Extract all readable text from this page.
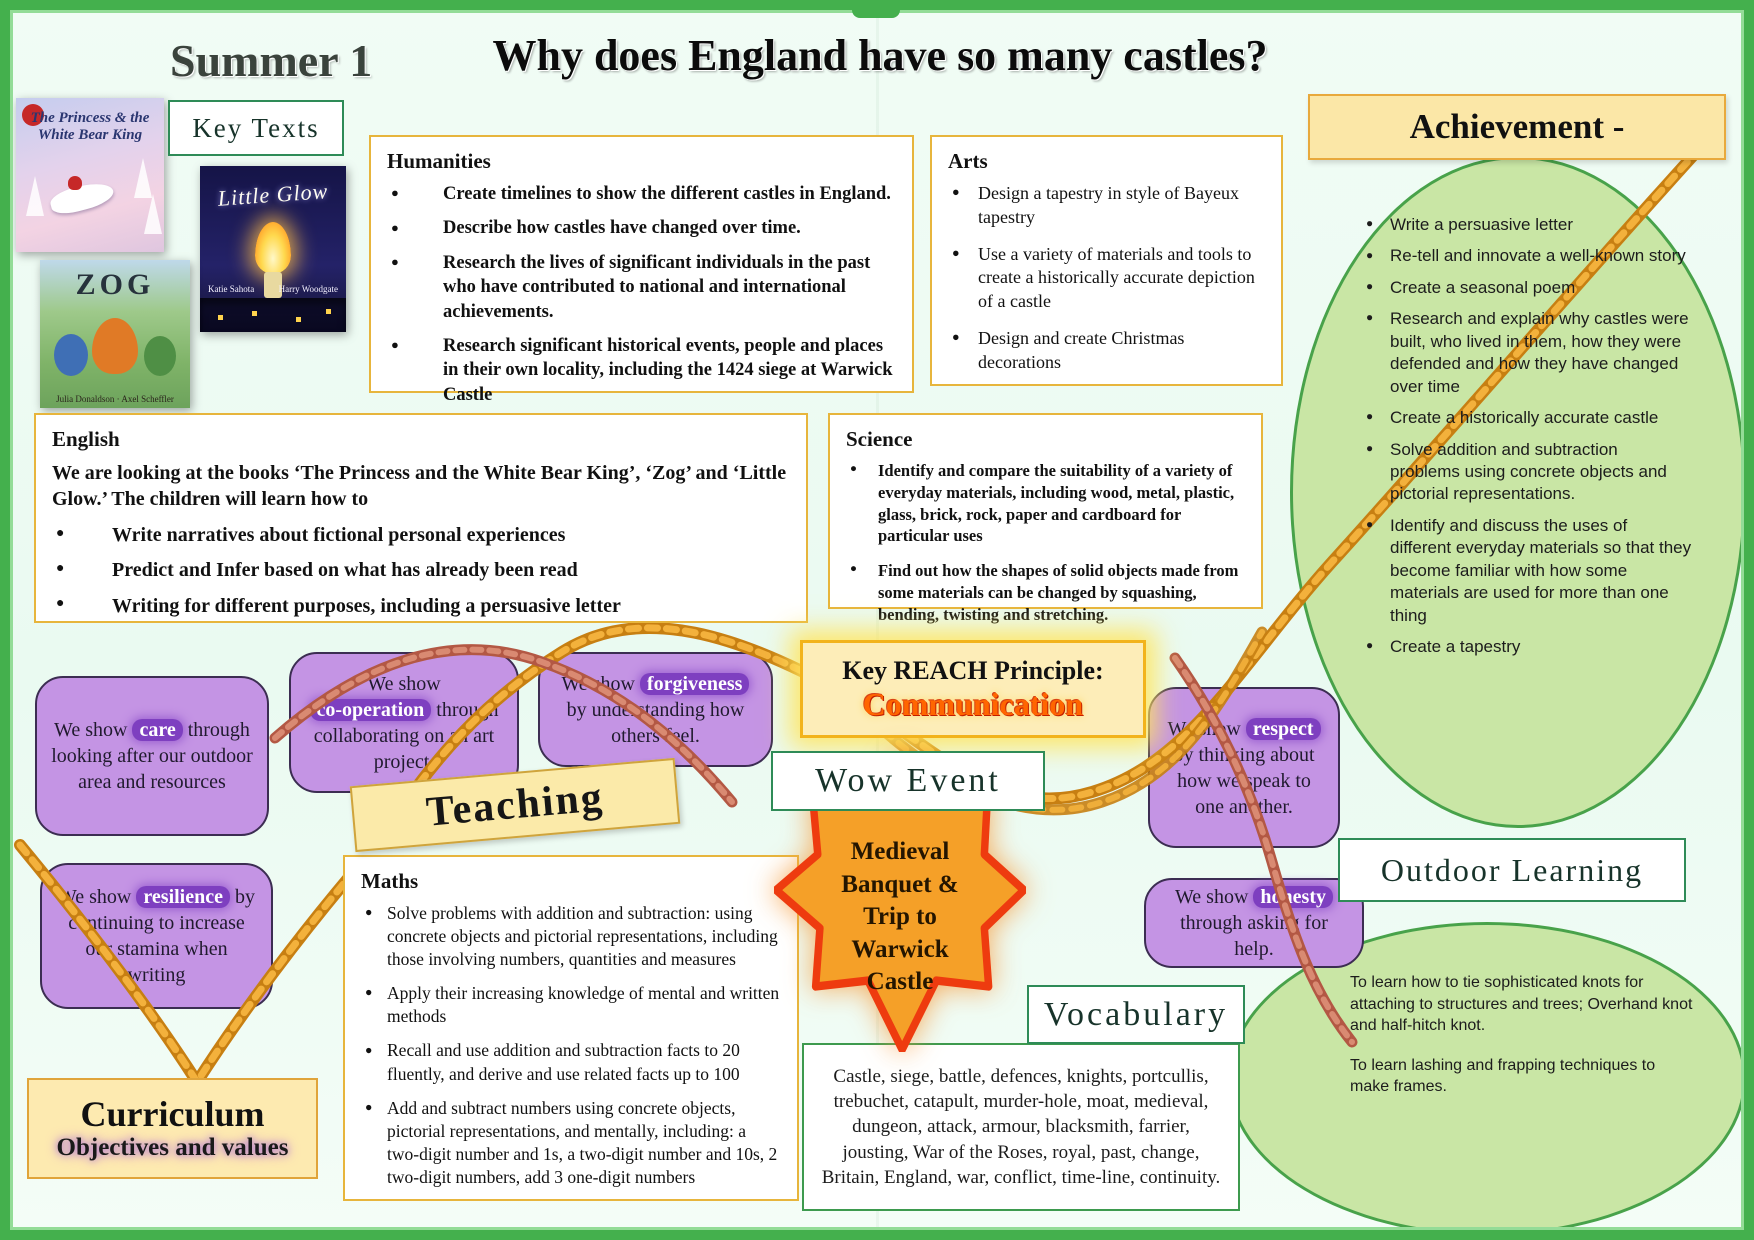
Summer 1	Why does England have so many castles?
Key Texts
The Princess & the White Bear King
Little Glow
Katie Sahota	Harry Woodgate
ZOG
Julia Donaldson · Axel Scheffler
Humanities
● Create timelines to show the different castles in England.
● Describe how castles have changed over time.
● Research the lives of significant individuals in the past who have contributed to national and international achievements.
● Research significant historical events, people and places in their own locality, including the 1424 siege at Warwick Castle
Arts
● Design a tapestry in style of Bayeux tapestry
● Use a variety of materials and tools to create a historically accurate depiction of a castle
● Design and create Christmas decorations
English

We are looking at the books ‘The Princess and the White Bear King’, ‘Zog’ and ‘Little Glow.’ The children will learn how to

● Write narratives about fictional personal experiences
● Predict and Infer based on what has already been read
● Writing for different purposes, including a persuasive letter
Science
● Identify and compare the suitability of a variety of everyday materials, including wood, metal, plastic, glass, brick, rock, paper and cardboard for particular uses
● Find out how the shapes of solid objects made from some materials can be changed by squashing, bending, twisting and stretching.
Maths
● Solve problems with addition and subtraction: using concrete objects and pictorial representations, including those involving numbers, quantities and measures
● Apply their increasing knowledge of mental and written methods
● Recall and use addition and subtraction facts to 20 fluently, and derive and use related facts up to 100
● Add and subtract numbers using concrete objects, pictorial representations, and mentally, including: a two-digit number and 1s, a two-digit number and 10s, 2 two-digit numbers, add 3 one-digit numbers
Achievement -
● Write a persuasive letter
● Re-tell and innovate a well-known story
● Create a seasonal poem
● Research and explain why castles were built, who lived in them, how they were defended and how they have changed over time
● Create a historically accurate castle
● Solve addition and subtraction problems using concrete objects and pictorial representations.
● Identify and discuss the uses of different everyday materials so that they become familiar with how some materials are used for more than one thing
● Create a tapestry
We show care through looking after our outdoor area and resources
We show co-operation through collaborating on an art project.
We show forgiveness by understanding how others feel.	We show respect by thinking about how we speak to one another.
We show honesty through asking for help.
We show resilience by continuing to increase our stamina when writing
Key REACH Principle:
Communication
Wow Event
Medieval
Banquet &
Trip to
Warwick
Castle
Teaching
Curriculum
Objectives and values
Vocabulary
Castle, siege, battle, defences, knights, portcullis, trebuchet, catapult, murder-hole, moat, medieval, dungeon, attack, armour, blacksmith, farrier, jousting, War of the Roses, royal, past, change, Britain, England, war, conflict, time-line, continuity.
Outdoor Learning

To learn how to tie sophisticated knots for attaching to structures and trees; Overhand knot and half-hitch knot.

To learn lashing and frapping techniques to make frames.
